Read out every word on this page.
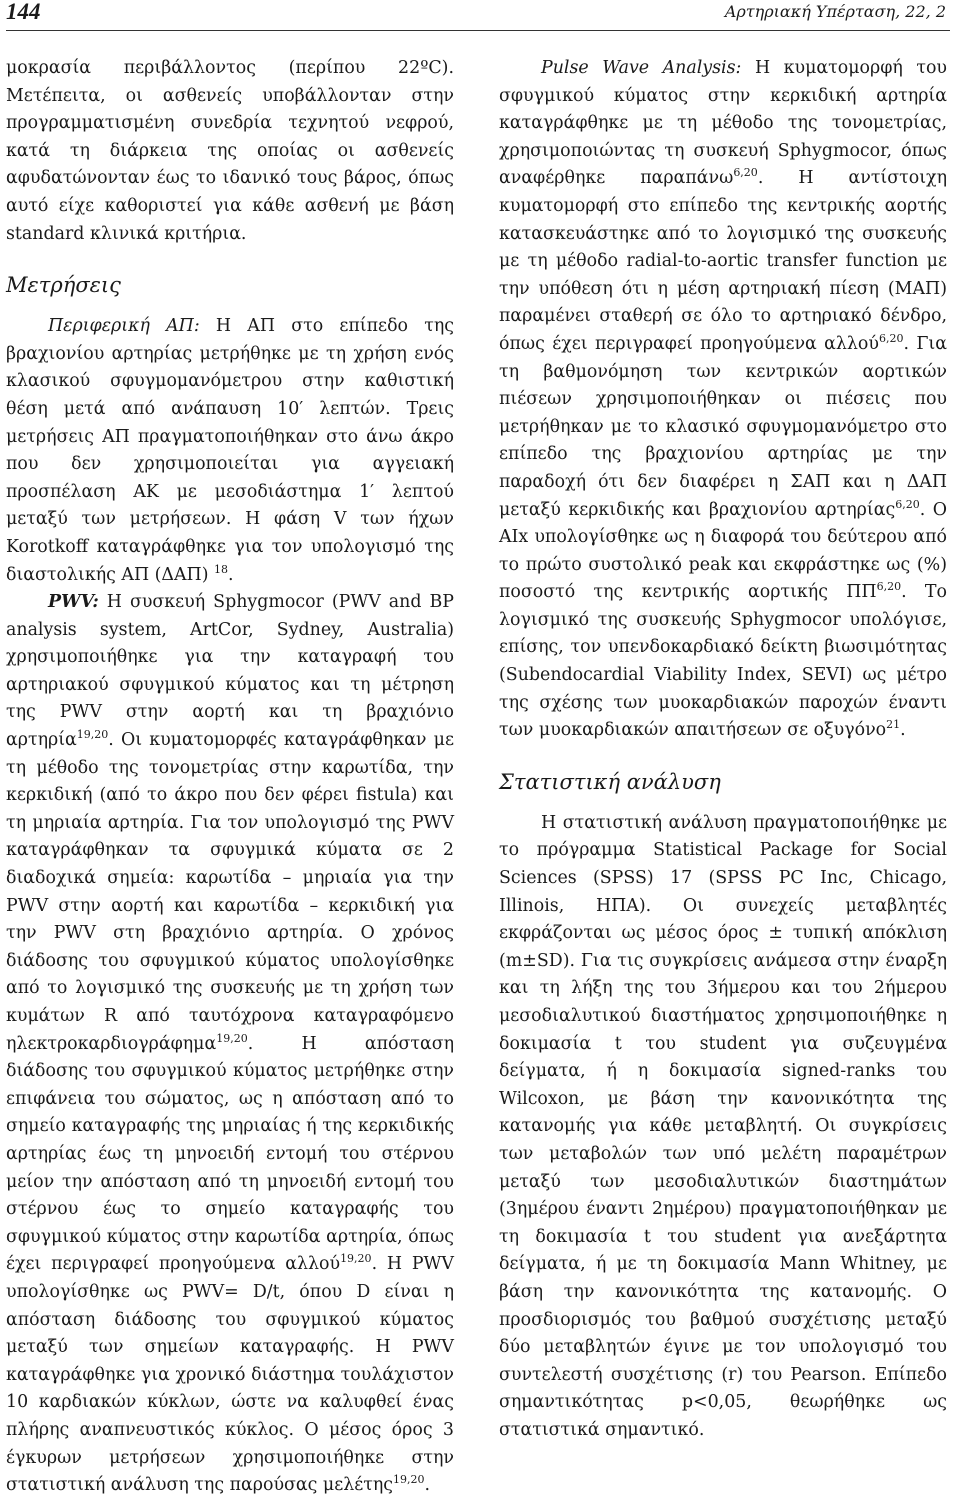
144	Αρτηριακή Υπέρταση, 22, 2

μοκρασία περιβάλλοντος (περίπου 22ºC). Μετέπειτα, οι ασθενείς υποβάλλονταν στην προγραμματισμένη συνεδρία τεχνητού νεφρού, κατά τη διάρκεια της οποίας οι ασθενείς αφυδατώνονταν έως το ιδανικό τους βάρος, όπως αυτό είχε καθοριστεί για κάθε ασθενή με βάση standard κλινικά κριτήρια.

Μετρήσεις

Περιφερική ΑΠ: Η ΑΠ στο επίπεδο της βραχιονίου αρτηρίας μετρήθηκε με τη χρήση ενός κλασικού σφυγμομανόμετρου στην καθιστική θέση μετά από ανάπαυση 10′ λεπτών. Τρεις μετρήσεις ΑΠ πραγματοποιήθηκαν στο άνω άκρο που δεν χρησιμοποιείται για αγγειακή προσπέλαση ΑΚ με μεσοδιάστημα 1′ λεπτού μεταξύ των μετρήσεων. Η φάση V των ήχων Korotkoff καταγράφθηκε για τον υπολογισμό της διαστολικής ΑΠ (ΔΑΠ) $^{18}$.

PWV: Η συσκευή Sphygmocor (PWV and BP analysis system, ArtCor, Sydney, Australia) χρησιμοποιήθηκε για την καταγραφή του αρτηριακού σφυγμικού κύματος και τη μέτρηση της PWV στην αορτή και τη βραχιόνιο αρτηρία$^{19,20}$. Οι κυματομορφές καταγράφθηκαν με τη μέθοδο της τονομετρίας στην καρωτίδα, την κερκιδική (από το άκρο που δεν φέρει fistula) και τη μηριαία αρτηρία. Για τον υπολογισμό της PWV καταγράφθηκαν τα σφυγμικά κύματα σε 2 διαδοχικά σημεία: καρωτίδα – μηριαία για την PWV στην αορτή και καρωτίδα – κερκιδική για την PWV στη βραχιόνιο αρτηρία. Ο χρόνος διάδοσης του σφυγμικού κύματος υπολογίσθηκε από το λογισμικό της συσκευής με τη χρήση των κυμάτων R από ταυτόχρονα καταγραφόμενο ηλεκτροκαρδιογράφημα$^{19,20}$. Η απόσταση διάδοσης του σφυγμικού κύματος μετρήθηκε στην επιφάνεια του σώματος, ως η απόσταση από το σημείο καταγραφής της μηριαίας ή της κερκιδικής αρτηρίας έως τη μηνοειδή εντομή του στέρνου μείον την απόσταση από τη μηνοειδή εντομή του στέρνου έως το σημείο καταγραφής του σφυγμικού κύματος στην καρωτίδα αρτηρία, όπως έχει περιγραφεί προηγούμενα αλλού$^{19,20}$. Η PWV υπολογίσθηκε ως PWV= D/t, όπου D είναι η απόσταση διάδοσης του σφυγμικού κύματος μεταξύ των σημείων καταγραφής. Η PWV καταγράφθηκε για χρονικό διάστημα τουλάχιστον 10 καρδιακών κύκλων, ώστε να καλυφθεί ένας πλήρης αναπνευστικός κύκλος. Ο μέσος όρος 3 έγκυρων μετρήσεων χρησιμοποιήθηκε στην στατιστική ανάλυση της παρούσας μελέτης$^{19,20}$.

Pulse Wave Analysis: Η κυματομορφή του σφυγμικού κύματος στην κερκιδική αρτηρία καταγράφθηκε με τη μέθοδο της τονομετρίας, χρησιμοποιώντας τη συσκευή Sphygmocor, όπως αναφέρθηκε παραπάνω$^{6,20}$. Η αντίστοιχη κυματομορφή στο επίπεδο της κεντρικής αορτής κατασκευάστηκε από το λογισμικό της συσκευής με τη μέθοδο radial-to-aortic transfer function με την υπόθεση ότι η μέση αρτηριακή πίεση (ΜΑΠ) παραμένει σταθερή σε όλο το αρτηριακό δένδρο, όπως έχει περιγραφεί προηγούμενα αλλού$^{6,20}$. Για τη βαθμονόμηση των κεντρικών αορτικών πιέσεων χρησιμοποιήθηκαν οι πιέσεις που μετρήθηκαν με το κλασικό σφυγμομανόμετρο στο επίπεδο της βραχιονίου αρτηρίας με την παραδοχή ότι δεν διαφέρει η ΣΑΠ και η ΔΑΠ μεταξύ κερκιδικής και βραχιονίου αρτηρίας$^{6,20}$. Ο AIx υπολογίσθηκε ως η διαφορά του δεύτερου από το πρώτο συστολικό peak και εκφράστηκε ως (%) ποσοστό της κεντρικής αορτικής ΠΠ$^{6,20}$. Το λογισμικό της συσκευής Sphygmocor υπολόγισε, επίσης, τον υπενδοκαρδιακό δείκτη βιωσιμότητας (Subendocardial Viability Index, SEVI) ως μέτρο της σχέσης των μυοκαρδιακών παροχών έναντι των μυοκαρδιακών απαιτήσεων σε οξυγόνο$^{21}$.

Στατιστική ανάλυση

Η στατιστική ανάλυση πραγματοποιήθηκε με το πρόγραμμα Statistical Package for Social Sciences (SPSS) 17 (SPSS PC Inc, Chicago, Illinois, ΗΠΑ). Οι συνεχείς μεταβλητές εκφράζονται ως μέσος όρος ± τυπική απόκλιση (m±SD). Για τις συγκρίσεις ανάμεσα στην έναρξη και τη λήξη της του 3ήμερου και του 2ήμερου μεσοδιαλυτικού διαστήματος χρησιμοποιήθηκε η δοκιμασία t του student για συζευγμένα δείγματα, ή η δοκιμασία signed-ranks του Wilcoxon, με βάση την κανονικότητα της κατανομής για κάθε μεταβλητή. Οι συγκρίσεις των μεταβολών των υπό μελέτη παραμέτρων μεταξύ των μεσοδιαλυτικών διαστημάτων (3ημέρου έναντι 2ημέρου) πραγματοποιήθηκαν με τη δοκιμασία t του student για ανεξάρτητα δείγματα, ή με τη δοκιμασία Mann Whitney, με βάση την κανονικότητα της κατανομής. Ο προσδιορισμός του βαθμού συσχέτισης μεταξύ δύο μεταβλητών έγινε με τον υπολογισμό του συντελεστή συσχέτισης (r) του Pearson. Επίπεδο σημαντικότητας p<0,05, θεωρήθηκε ως στατιστικά σημαντικό.
